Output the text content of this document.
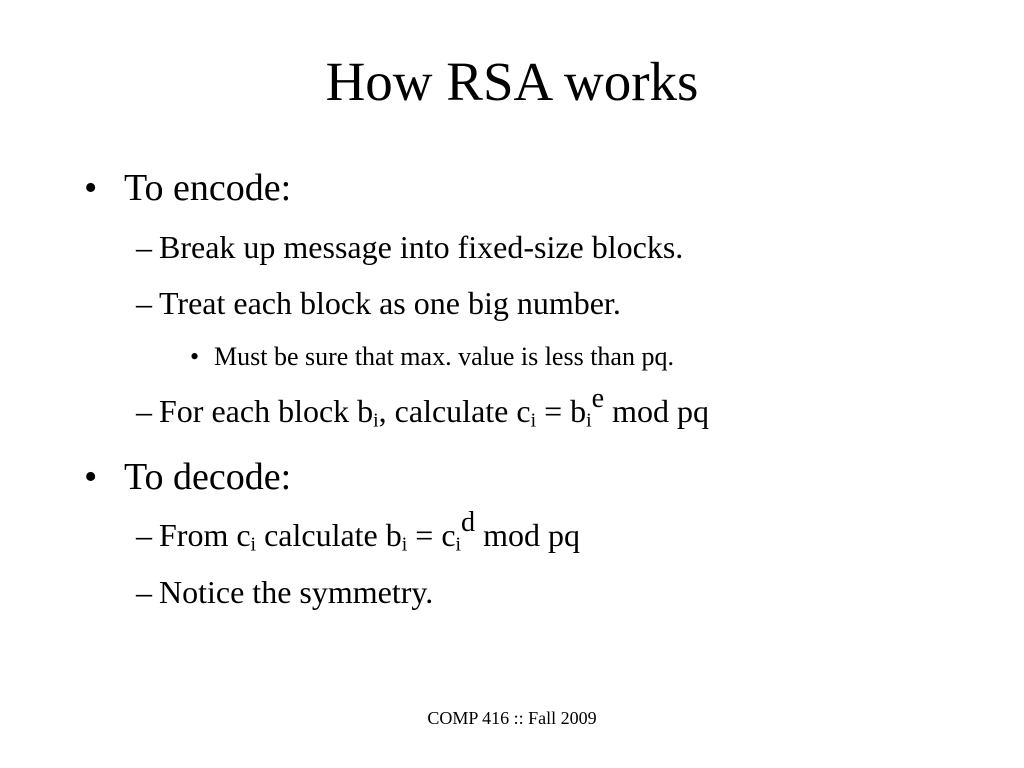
How RSA works
• To encode:
– Break up message into fixed-size blocks.
– Treat each block as one big number.
• Must be sure that max. value is less than pq.
– For each block $b_i$, calculate $c_i = b_ie$ mod pq
• To decode:
– From $c_i$ calculate $b_i = c_id$ mod pq
– Notice the symmetry.
COMP 416 :: Fall 2009
